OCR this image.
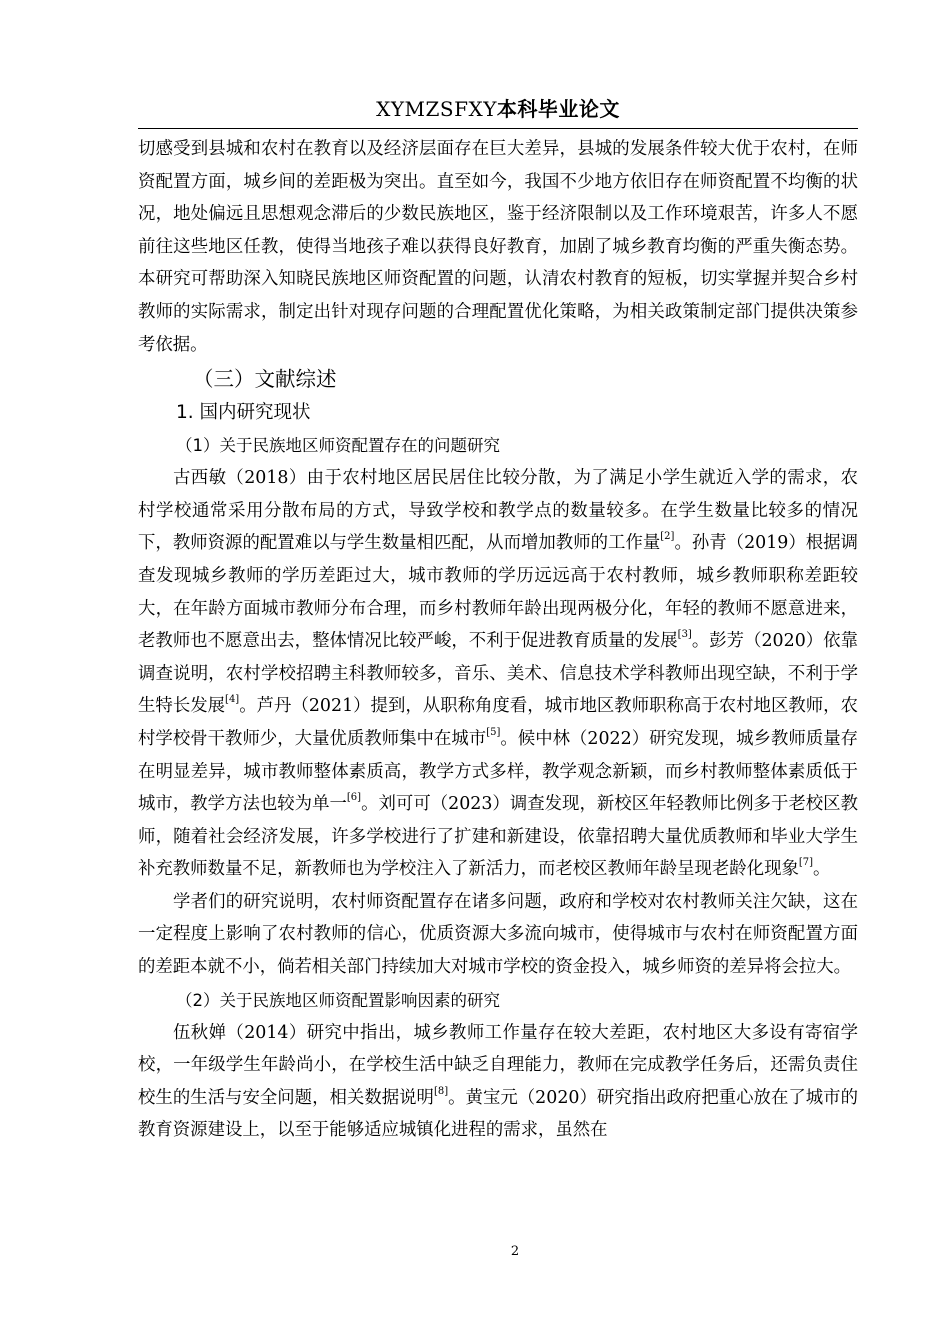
XYMZSFXY本科毕业论文

切感受到县城和农村在教育以及经济层面存在巨大差异，县城的发展条件较大优于农村，在师资配置方面，城乡间的差距极为突出。直至如今，我国不少地方依旧存在师资配置不均衡的状况，地处偏远且思想观念滞后的少数民族地区，鉴于经济限制以及工作环境艰苦，许多人不愿前往这些地区任教，使得当地孩子难以获得良好教育，加剧了城乡教育均衡的严重失衡态势。本研究可帮助深入知晓民族地区师资配置的问题，认清农村教育的短板，切实掌握并契合乡村教师的实际需求，制定出针对现存问题的合理配置优化策略，为相关政策制定部门提供决策参考依据。

（三）文献综述

1. 国内研究现状

（1）关于民族地区师资配置存在的问题研究

古西敏（2018）由于农村地区居民居住比较分散，为了满足小学生就近入学的需求，农村学校通常采用分散布局的方式，导致学校和教学点的数量较多。在学生数量比较多的情况下，教师资源的配置难以与学生数量相匹配，从而增加教师的工作量[2]。孙青（2019）根据调查发现城乡教师的学历差距过大，城市教师的学历远远高于农村教师，城乡教师职称差距较大，在年龄方面城市教师分布合理，而乡村教师年龄出现两极分化，年轻的教师不愿意进来，老教师也不愿意出去，整体情况比较严峻，不利于促进教育质量的发展[3]。彭芳（2020）依靠调查说明，农村学校招聘主科教师较多，音乐、美术、信息技术学科教师出现空缺，不利于学生特长发展[4]。芦丹（2021）提到，从职称角度看，城市地区教师职称高于农村地区教师，农村学校骨干教师少，大量优质教师集中在城市[5]。候中林（2022）研究发现，城乡教师质量存在明显差异，城市教师整体素质高，教学方式多样，教学观念新颖，而乡村教师整体素质低于城市，教学方法也较为单一[6]。刘可可（2023）调查发现，新校区年轻教师比例多于老校区教师，随着社会经济发展，许多学校进行了扩建和新建设，依靠招聘大量优质教师和毕业大学生补充教师数量不足，新教师也为学校注入了新活力，而老校区教师年龄呈现老龄化现象[7]。

学者们的研究说明，农村师资配置存在诸多问题，政府和学校对农村教师关注欠缺，这在一定程度上影响了农村教师的信心，优质资源大多流向城市，使得城市与农村在师资配置方面的差距本就不小，倘若相关部门持续加大对城市学校的资金投入，城乡师资的差异将会拉大。

（2）关于民族地区师资配置影响因素的研究

伍秋婵（2014）研究中指出，城乡教师工作量存在较大差距，农村地区大多设有寄宿学校，一年级学生年龄尚小，在学校生活中缺乏自理能力，教师在完成教学任务后，还需负责住校生的生活与安全问题，相关数据说明[8]。黄宝元（2020）研究指出政府把重心放在了城市的教育资源建设上，以至于能够适应城镇化进程的需求，虽然在

2
